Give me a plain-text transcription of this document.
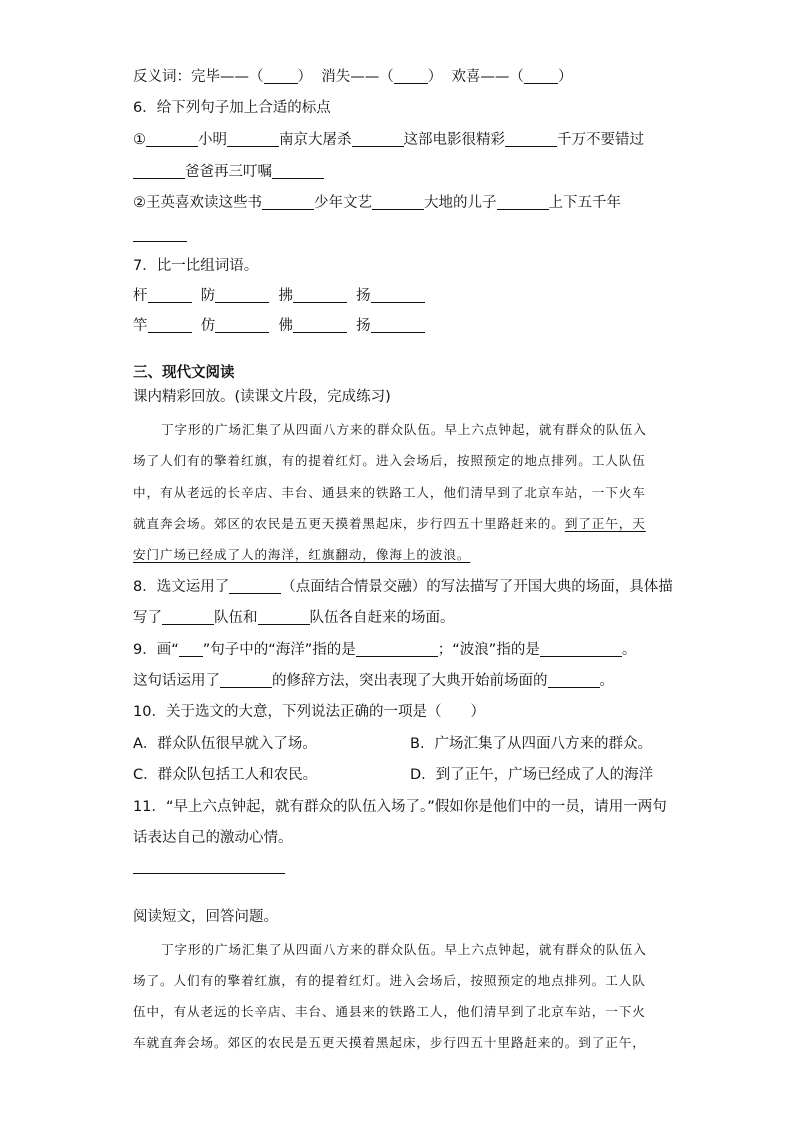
反义词：完毕——（ ） 消失——（ ） 欢喜——（ ）
6．给下列句子加上合适的标点
①	小明	南京大屠杀	这部电影很精彩	千万不要错过
爸爸再三叮嘱
②王英喜欢读这些书	少年文艺	大地的儿子	上下五千年
7．比一比组词语。
杆	防	拂	扬
竿	仿	佛	扬
三、现代文阅读
课内精彩回放。(读课文片段，完成练习)
丁字形的广场汇集了从四面八方来的群众队伍。早上六点钟起，就有群众的队伍入
场了人们有的擎着红旗，有的提着红灯。进入会场后，按照预定的地点排列。工人队伍
中，有从老远的长辛店、丰台、通县来的铁路工人，他们清早到了北京车站，一下火车
就直奔会场。郊区的农民是五更天摸着黑起床，步行四五十里路赶来的。到了正午，天
安门广场已经成了人的海洋，红旗翻动，像海上的波浪。
8．选文运用了	（点面结合情景交融）的写法描写了开国大典的场面，具体描
写了	队伍和	队伍各自赶来的场面。
9．画“ ”句子中的“海洋”指的是	；“波浪”指的是	。
这句话运用了	的修辞方法，突出表现了大典开始前场面的	。
10．关于选文的大意，下列说法正确的一项是（　　）
A．群众队伍很早就入了场。	B．广场汇集了从四面八方来的群众。
C．群众队包括工人和农民。	D．到了正午，广场已经成了人的海洋
11．“早上六点钟起，就有群众的队伍入场了。”假如你是他们中的一员，请用一两句
话表达自己的激动心情。
阅读短文，回答问题。
丁字形的广场汇集了从四面八方来的群众队伍。早上六点钟起，就有群众的队伍入
场了。人们有的擎着红旗，有的提着红灯。进入会场后，按照预定的地点排列。工人队
伍中，有从老远的长辛店、丰台、通县来的铁路工人，他们清早到了北京车站，一下火
车就直奔会场。郊区的农民是五更天摸着黑起床，步行四五十里路赶来的。到了正午，
